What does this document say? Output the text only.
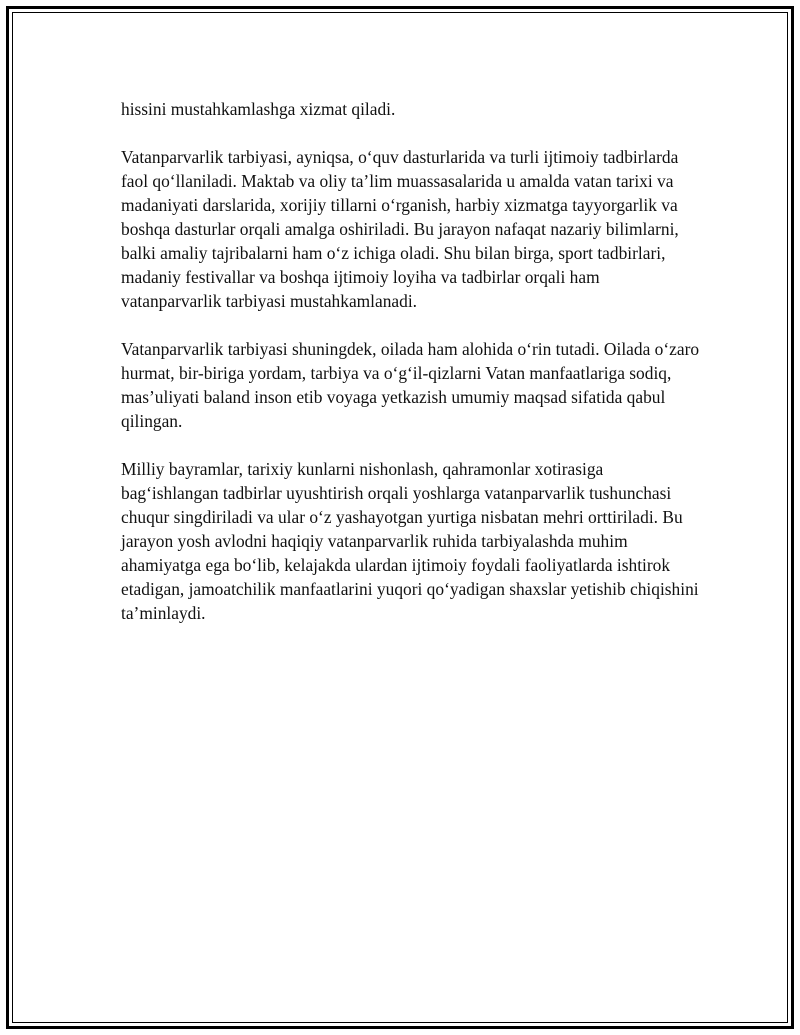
hissini mustahkamlashga xizmat qiladi.

Vatanparvarlik tarbiyasi, ayniqsa, o‘quv dasturlarida va turli ijtimoiy tadbirlarda faol qo‘llaniladi. Maktab va oliy ta’lim muassasalarida u amalda vatan tarixi va madaniyati darslarida, xorijiy tillarni o‘rganish, harbiy xizmatga tayyorgarlik va boshqa dasturlar orqali amalga oshiriladi. Bu jarayon nafaqat nazariy bilimlarni, balki amaliy tajribalarni ham o‘z ichiga oladi. Shu bilan birga, sport tadbirlari, madaniy festivallar va boshqa ijtimoiy loyiha va tadbirlar orqali ham vatanparvarlik tarbiyasi mustahkamlanadi.

Vatanparvarlik tarbiyasi shuningdek, oilada ham alohida o‘rin tutadi. Oilada o‘zaro hurmat, bir-biriga yordam, tarbiya va o‘g‘il-qizlarni Vatan manfaatlariga sodiq, mas’uliyati baland inson etib voyaga yetkazish umumiy maqsad sifatida qabul qilingan.

Milliy bayramlar, tarixiy kunlarni nishonlash, qahramonlar xotirasiga bag‘ishlangan tadbirlar uyushtirish orqali yoshlarga vatanparvarlik tushunchasi chuqur singdiriladi va ular o‘z yashayotgan yurtiga nisbatan mehri orttiriladi. Bu jarayon yosh avlodni haqiqiy vatanparvarlik ruhida tarbiyalashda muhim ahamiyatga ega bo‘lib, kelajakda ulardan ijtimoiy foydali faoliyatlarda ishtirok etadigan, jamoatchilik manfaatlarini yuqori qo‘yadigan shaxslar yetishib chiqishini ta’minlaydi.
